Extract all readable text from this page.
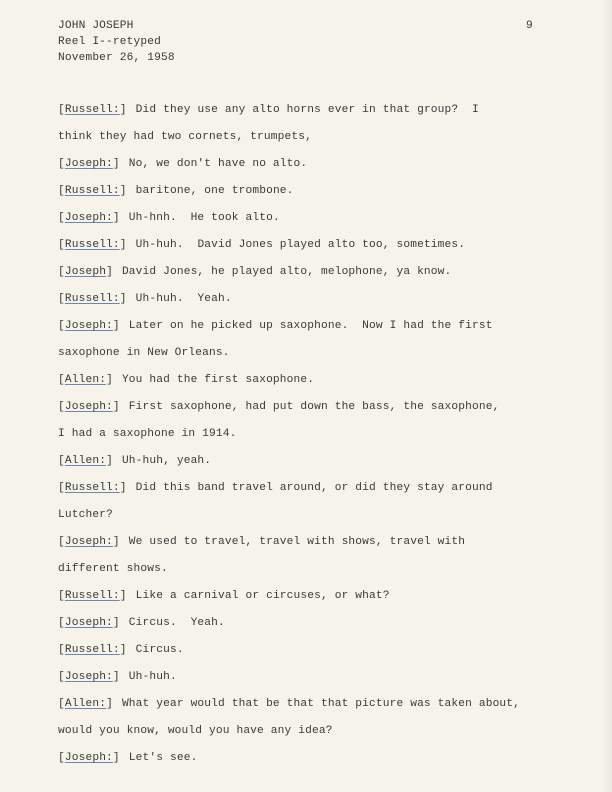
JOHN JOSEPH
Reel I--retyped
November 26, 1958
9
[Russell:] Did they use any alto horns ever in that group?  I
think they had two cornets, trumpets,
[Joseph:] No, we don't have no alto.
[Russell:] baritone, one trombone.
[Joseph:] Uh-hnh.  He took alto.
[Russell:] Uh-huh.  David Jones played alto too, sometimes.
[Joseph] David Jones, he played alto, melophone, ya know.
[Russell:] Uh-huh.  Yeah.
[Joseph:] Later on he picked up saxophone.  Now I had the first
saxophone in New Orleans.
[Allen:] You had the first saxophone.
[Joseph:] First saxophone, had put down the bass, the saxophone,
I had a saxophone in 1914.
[Allen:] Uh-huh, yeah.
[Russell:] Did this band travel around, or did they stay around
Lutcher?
[Joseph:] We used to travel, travel with shows, travel with
different shows.
[Russell:] Like a carnival or circuses, or what?
[Joseph:] Circus.  Yeah.
[Russell:] Circus.
[Joseph:] Uh-huh.
[Allen:] What year would that be that that picture was taken about,
would you know, would you have any idea?
[Joseph:] Let's see.
